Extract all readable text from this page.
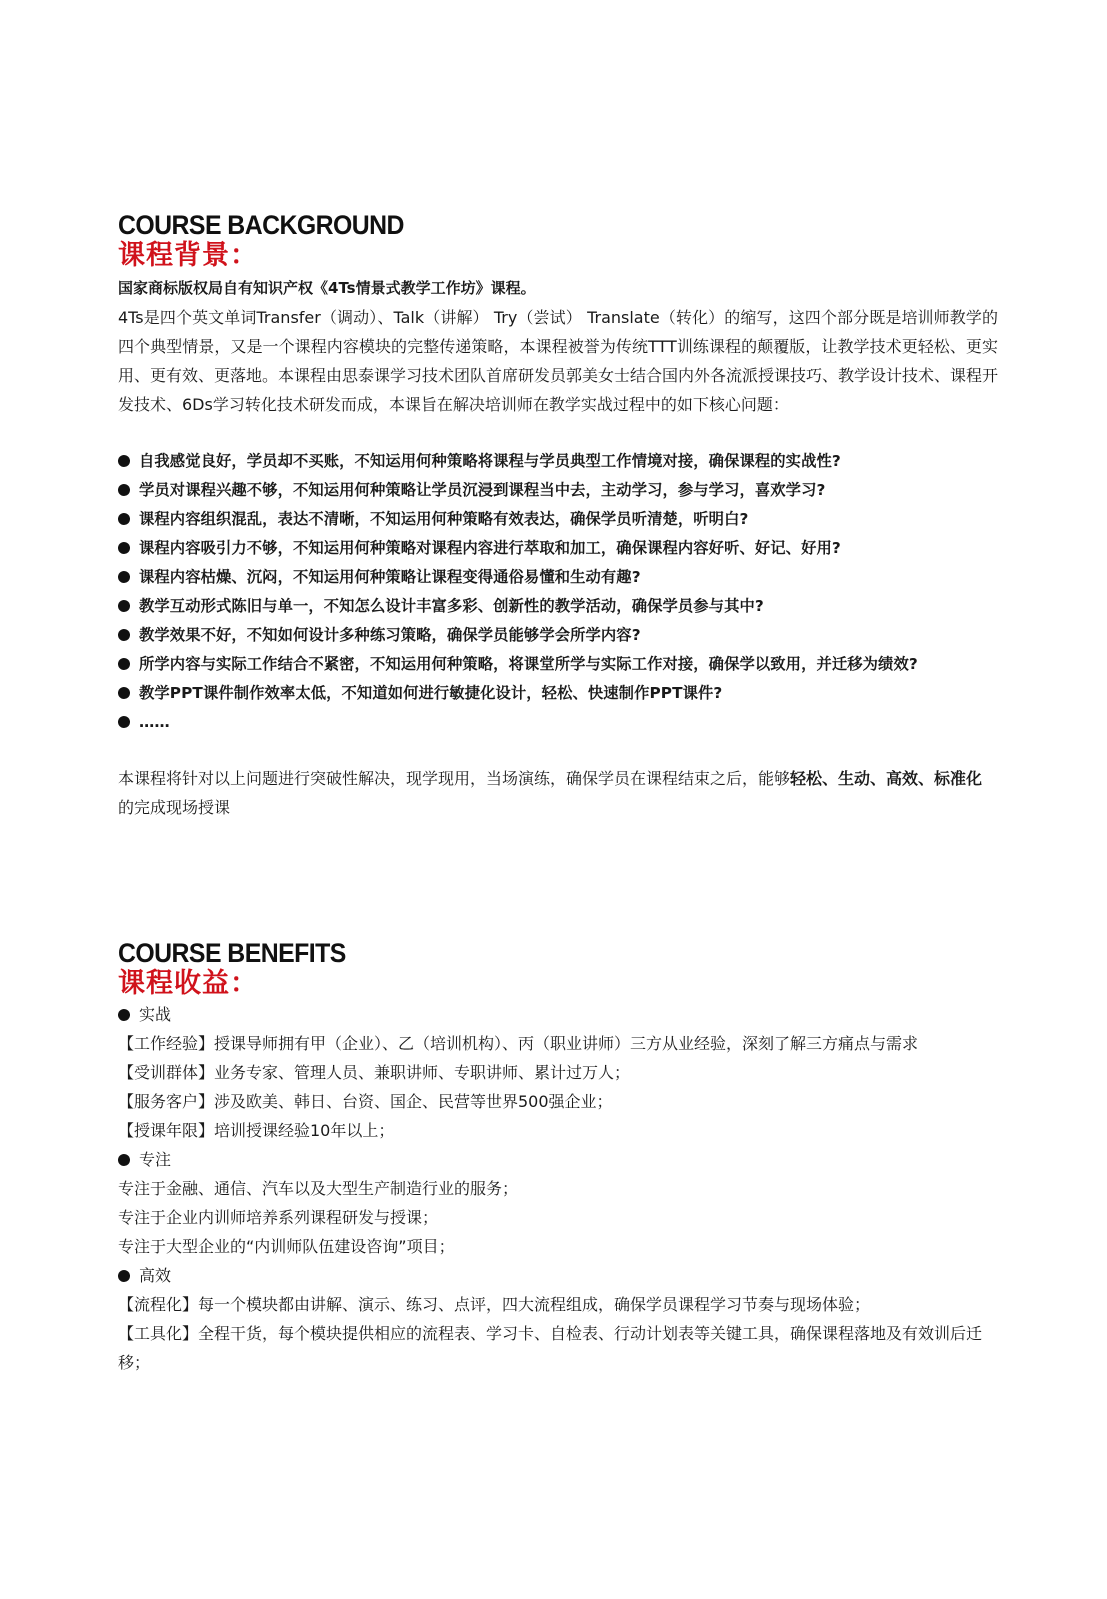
COURSE BACKGROUND
课程背景：
国家商标版权局自有知识产权《4Ts情景式教学工作坊》课程。
4Ts是四个英文单词Transfer（调动）、Talk（讲解） Try（尝试） Translate（转化）的缩写，这四个部分既是培训师教学的四个典型情景，又是一个课程内容模块的完整传递策略，本课程被誉为传统TTT训练课程的颠覆版，让教学技术更轻松、更实用、更有效、更落地。本课程由思泰课学习技术团队首席研发员郭美女士结合国内外各流派授课技巧、教学设计技术、课程开发技术、6Ds学习转化技术研发而成，本课旨在解决培训师在教学实战过程中的如下核心问题：
自我感觉良好，学员却不买账，不知运用何种策略将课程与学员典型工作情境对接，确保课程的实战性?
学员对课程兴趣不够，不知运用何种策略让学员沉浸到课程当中去，主动学习，参与学习，喜欢学习?
课程内容组织混乱，表达不清晰，不知运用何种策略有效表达，确保学员听清楚，听明白?
课程内容吸引力不够，不知运用何种策略对课程内容进行萃取和加工，确保课程内容好听、好记、好用?
课程内容枯燥、沉闷，不知运用何种策略让课程变得通俗易懂和生动有趣?
教学互动形式陈旧与单一，不知怎么设计丰富多彩、创新性的教学活动，确保学员参与其中?
教学效果不好，不知如何设计多种练习策略，确保学员能够学会所学内容?
所学内容与实际工作结合不紧密，不知运用何种策略，将课堂所学与实际工作对接，确保学以致用，并迁移为绩效?
教学PPT课件制作效率太低，不知道如何进行敏捷化设计，轻松、快速制作PPT课件?
……
本课程将针对以上问题进行突破性解决，现学现用，当场演练，确保学员在课程结束之后，能够轻松、生动、高效、标准化的完成现场授课
COURSE BENEFITS
课程收益：
实战
【工作经验】授课导师拥有甲（企业）、乙（培训机构）、丙（职业讲师）三方从业经验，深刻了解三方痛点与需求
【受训群体】业务专家、管理人员、兼职讲师、专职讲师、累计过万人；
【服务客户】涉及欧美、韩日、台资、国企、民营等世界500强企业；
【授课年限】培训授课经验10年以上；
专注
专注于金融、通信、汽车以及大型生产制造行业的服务；
专注于企业内训师培养系列课程研发与授课；
专注于大型企业的“内训师队伍建设咨询”项目；
高效
【流程化】每一个模块都由讲解、演示、练习、点评，四大流程组成，确保学员课程学习节奏与现场体验；
【工具化】全程干货，每个模块提供相应的流程表、学习卡、自检表、行动计划表等关键工具，确保课程落地及有效训后迁移；
